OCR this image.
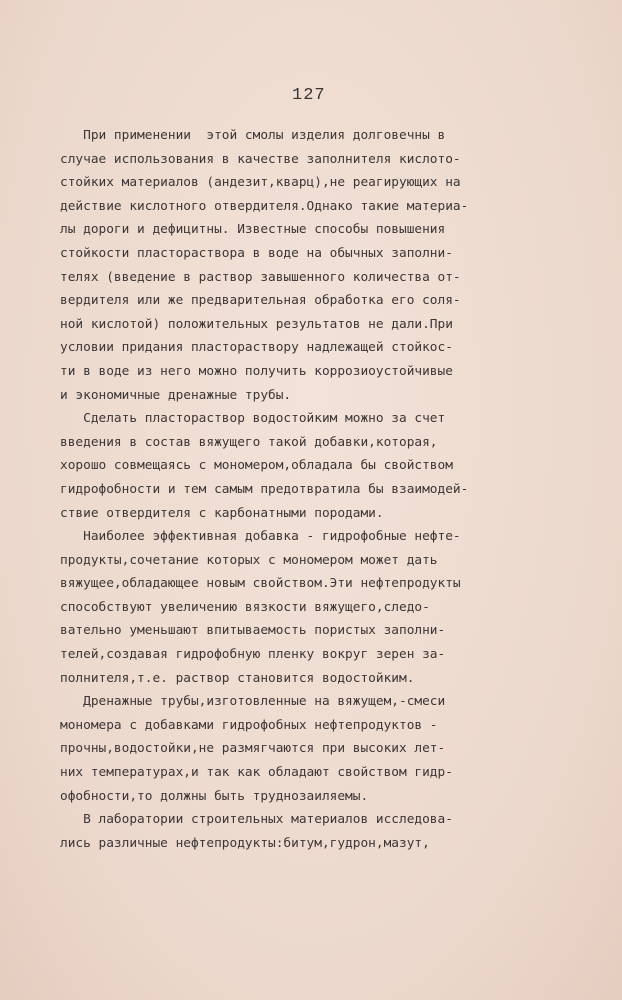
127
При применении  этой смолы изделия долговечны в
случае использования в качестве заполнителя кислото-
стойких материалов (андезит,кварц),не реагирующих на
действие кислотного отвердителя.Однако такие материа-
лы дороги и дефицитны. Известные способы повышения
стойкости пластораствора в воде на обычных заполни-
телях (введение в раствор завышенного количества от-
вердителя или же предварительная обработка его соля-
ной кислотой) положительных результатов не дали.При
условии придания пластораствору надлежащей стойкос-
ти в воде из него можно получить коррозиоустойчивые
и экономичные дренажные трубы.
Сделать пластораствор водостойким можно за счет
введения в состав вяжущего такой добавки,которая,
хорошо совмещаясь с мономером,обладала бы свойством
гидрофобности и тем самым предотвратила бы взаимодей-
ствие отвердителя с карбонатными породами.
Наиболее эффективная добавка - гидрофобные нефте-
продукты,сочетание которых с мономером может дать
вяжущее,обладающее новым свойством.Эти нефтепродукты
способствуют увеличению вязкости вяжущего,следо-
вательно уменьшают впитываемость пористых заполни-
телей,создавая гидрофобную пленку вокруг зерен за-
полнителя,т.е. раствор становится водостойким.
Дренажные трубы,изготовленные на вяжущем,-смеси
мономера с добавками гидрофобных нефтепродуктов -
прочны,водостойки,не размягчаются при высоких лет-
них температурах,и так как обладают свойством гидр-
офобности,то должны быть труднозаиляемы.
В лаборатории строительных материалов исследова-
лись различные нефтепродукты:битум,гудрон,мазут,
